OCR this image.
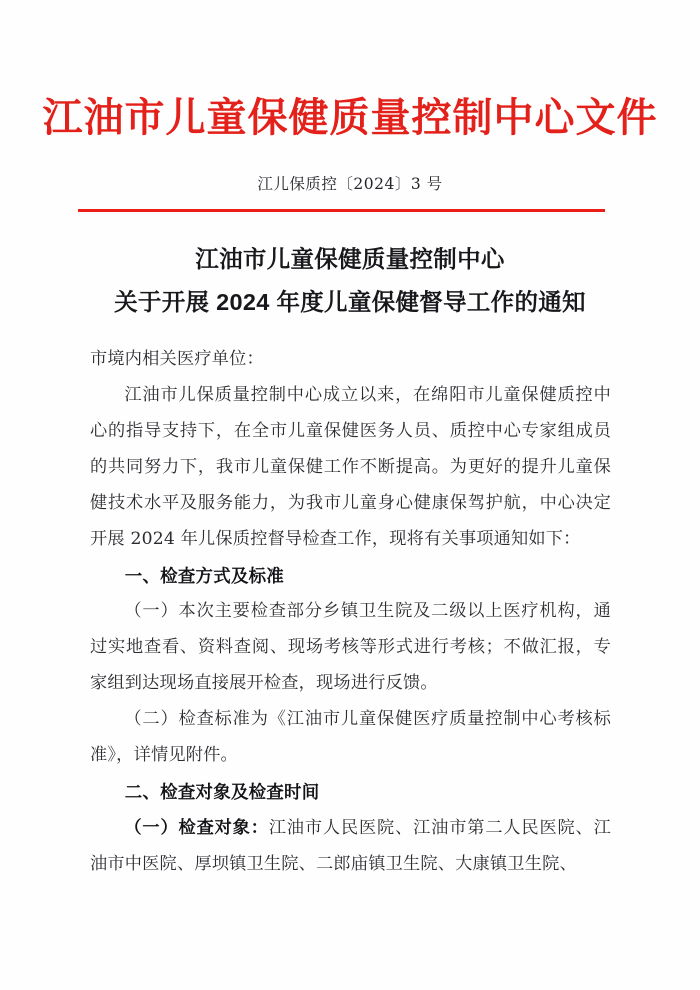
江油市儿童保健质量控制中心文件
江儿保质控〔2024〕3 号
江油市儿童保健质量控制中心
关于开展 2024 年度儿童保健督导工作的通知

市境内相关医疗单位：

江油市儿保质量控制中心成立以来，在绵阳市儿童保健质控中心的指导支持下，在全市儿童保健医务人员、质控中心专家组成员的共同努力下，我市儿童保健工作不断提高。为更好的提升儿童保健技术水平及服务能力，为我市儿童身心健康保驾护航，中心决定开展 2024 年儿保质控督导检查工作，现将有关事项通知如下：

一、检查方式及标准

（一）本次主要检查部分乡镇卫生院及二级以上医疗机构，通过实地查看、资料查阅、现场考核等形式进行考核；不做汇报，专家组到达现场直接展开检查，现场进行反馈。

（二）检查标准为《江油市儿童保健医疗质量控制中心考核标准》，详情见附件。

二、检查对象及检查时间

（一）检查对象：江油市人民医院、江油市第二人民医院、江油市中医院、厚坝镇卫生院、二郎庙镇卫生院、大康镇卫生院、
